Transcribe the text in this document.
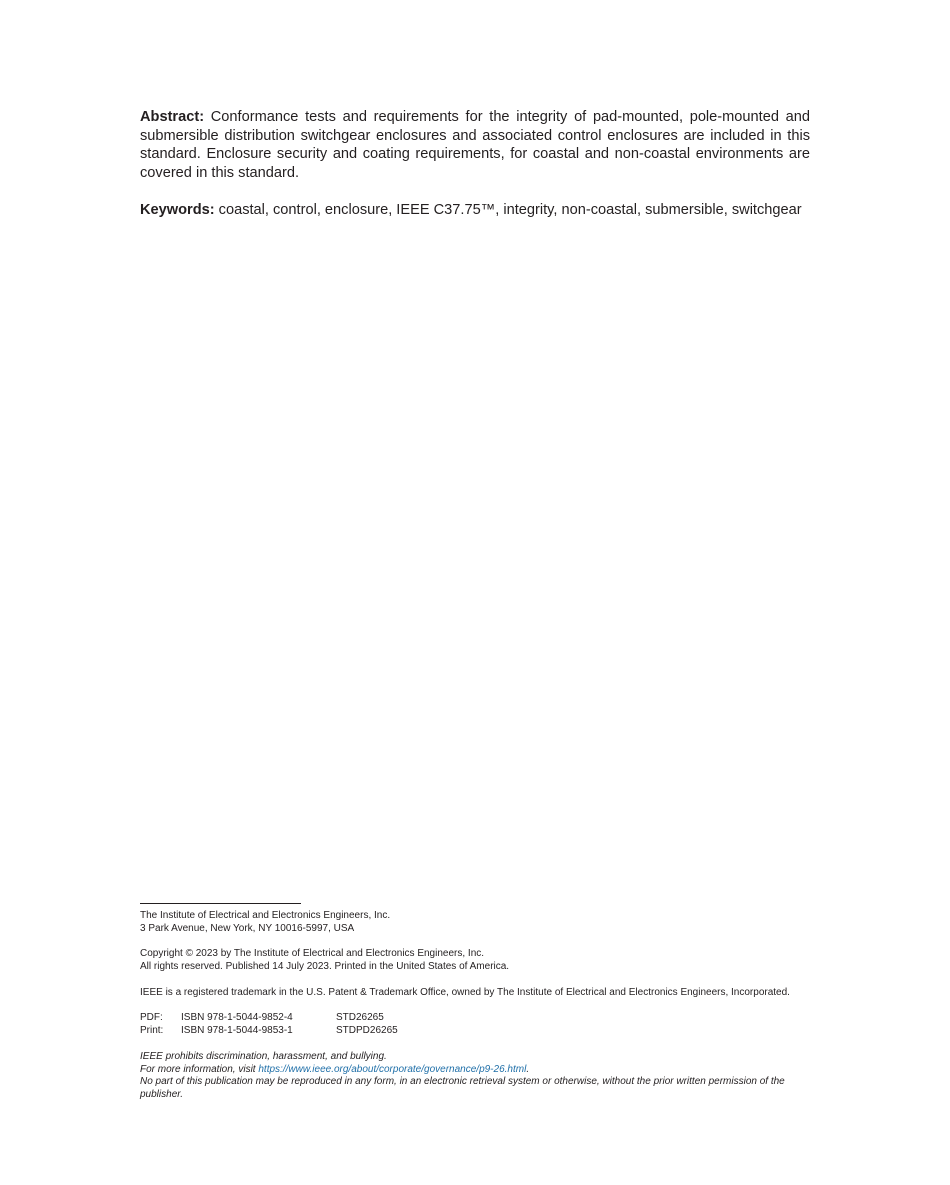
Abstract: Conformance tests and requirements for the integrity of pad-mounted, pole-mounted and submersible distribution switchgear enclosures and associated control enclosures are included in this standard. Enclosure security and coating requirements, for coastal and non-coastal environments are covered in this standard.

Keywords: coastal, control, enclosure, IEEE C37.75™, integrity, non-coastal, submersible, switchgear

The Institute of Electrical and Electronics Engineers, Inc.

3 Park Avenue, New York, NY 10016-5997, USA

Copyright © 2023 by The Institute of Electrical and Electronics Engineers, Inc.

All rights reserved. Published 14 July 2023. Printed in the United States of America.

IEEE is a registered trademark in the U.S. Patent & Trademark Office, owned by The Institute of Electrical and Electronics Engineers, Incorporated.

PDF:	ISBN 978-1-5044-9852-4	STD26265
Print:	ISBN 978-1-5044-9853-1	STDPD26265

IEEE prohibits discrimination, harassment, and bullying.

For more information, visit https://www.ieee.org/about/corporate/governance/p9-26.html.

No part of this publication may be reproduced in any form, in an electronic retrieval system or otherwise, without the prior written permission of the publisher.
